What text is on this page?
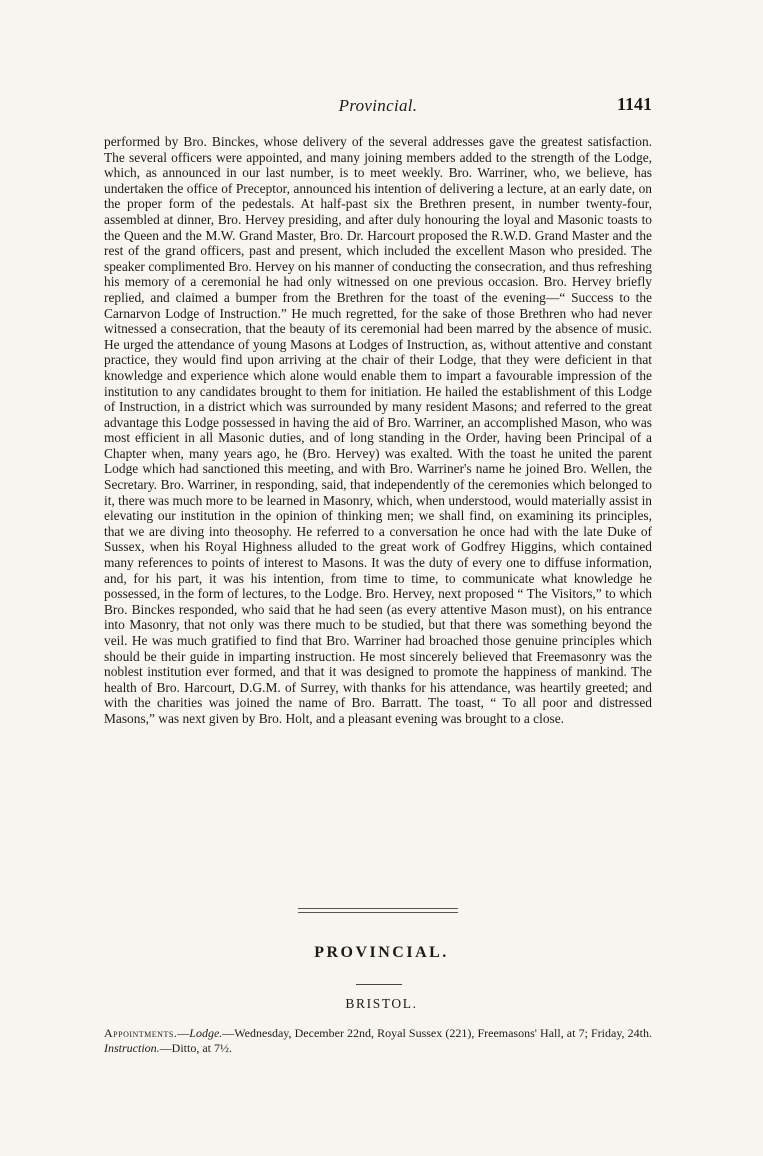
Provincial.	1141

performed by Bro. Binckes, whose delivery of the several addresses gave the greatest satisfaction. The several officers were appointed, and many joining members added to the strength of the Lodge, which, as announced in our last number, is to meet weekly. Bro. Warriner, who, we believe, has undertaken the office of Preceptor, announced his intention of delivering a lecture, at an early date, on the proper form of the pedestals. At half-past six the Brethren present, in number twenty-four, assembled at dinner, Bro. Hervey presiding, and after duly honouring the loyal and Masonic toasts to the Queen and the M.W. Grand Master, Bro. Dr. Harcourt proposed the R.W.D. Grand Master and the rest of the grand officers, past and present, which included the excellent Mason who presided. The speaker complimented Bro. Hervey on his manner of conducting the consecration, and thus refreshing his memory of a ceremonial he had only witnessed on one previous occasion. Bro. Hervey briefly replied, and claimed a bumper from the Brethren for the toast of the evening—“ Success to the Carnarvon Lodge of Instruction.” He much regretted, for the sake of those Brethren who had never witnessed a consecration, that the beauty of its ceremonial had been marred by the absence of music. He urged the attendance of young Masons at Lodges of Instruction, as, without attentive and constant practice, they would find upon arriving at the chair of their Lodge, that they were deficient in that knowledge and experience which alone would enable them to impart a favourable impression of the institution to any candidates brought to them for initiation. He hailed the establishment of this Lodge of Instruction, in a district which was surrounded by many resident Masons; and referred to the great advantage this Lodge possessed in having the aid of Bro. Warriner, an accomplished Mason, who was most efficient in all Masonic duties, and of long standing in the Order, having been Principal of a Chapter when, many years ago, he (Bro. Hervey) was exalted. With the toast he united the parent Lodge which had sanctioned this meeting, and with Bro. Warriner's name he joined Bro. Wellen, the Secretary. Bro. Warriner, in responding, said, that independently of the ceremonies which belonged to it, there was much more to be learned in Masonry, which, when understood, would materially assist in elevating our institution in the opinion of thinking men; we shall find, on examining its principles, that we are diving into theosophy. He referred to a conversation he once had with the late Duke of Sussex, when his Royal Highness alluded to the great work of Godfrey Higgins, which contained many references to points of interest to Masons. It was the duty of every one to diffuse information, and, for his part, it was his intention, from time to time, to communicate what knowledge he possessed, in the form of lectures, to the Lodge. Bro. Hervey, next proposed “ The Visitors,” to which Bro. Binckes responded, who said that he had seen (as every attentive Mason must), on his entrance into Masonry, that not only was there much to be studied, but that there was something beyond the veil. He was much gratified to find that Bro. Warriner had broached those genuine principles which should be their guide in imparting instruction. He most sincerely believed that Freemasonry was the noblest institution ever formed, and that it was designed to promote the happiness of mankind. The health of Bro. Harcourt, D.G.M. of Surrey, with thanks for his attendance, was heartily greeted; and with the charities was joined the name of Bro. Barratt. The toast, “ To all poor and distressed Masons,” was next given by Bro. Holt, and a pleasant evening was brought to a close.

PROVINCIAL.
BRISTOL.

Appointments.—Lodge.—Wednesday, December 22nd, Royal Sussex (221), Freemasons' Hall, at 7; Friday, 24th. Instruction.—Ditto, at 7½.
